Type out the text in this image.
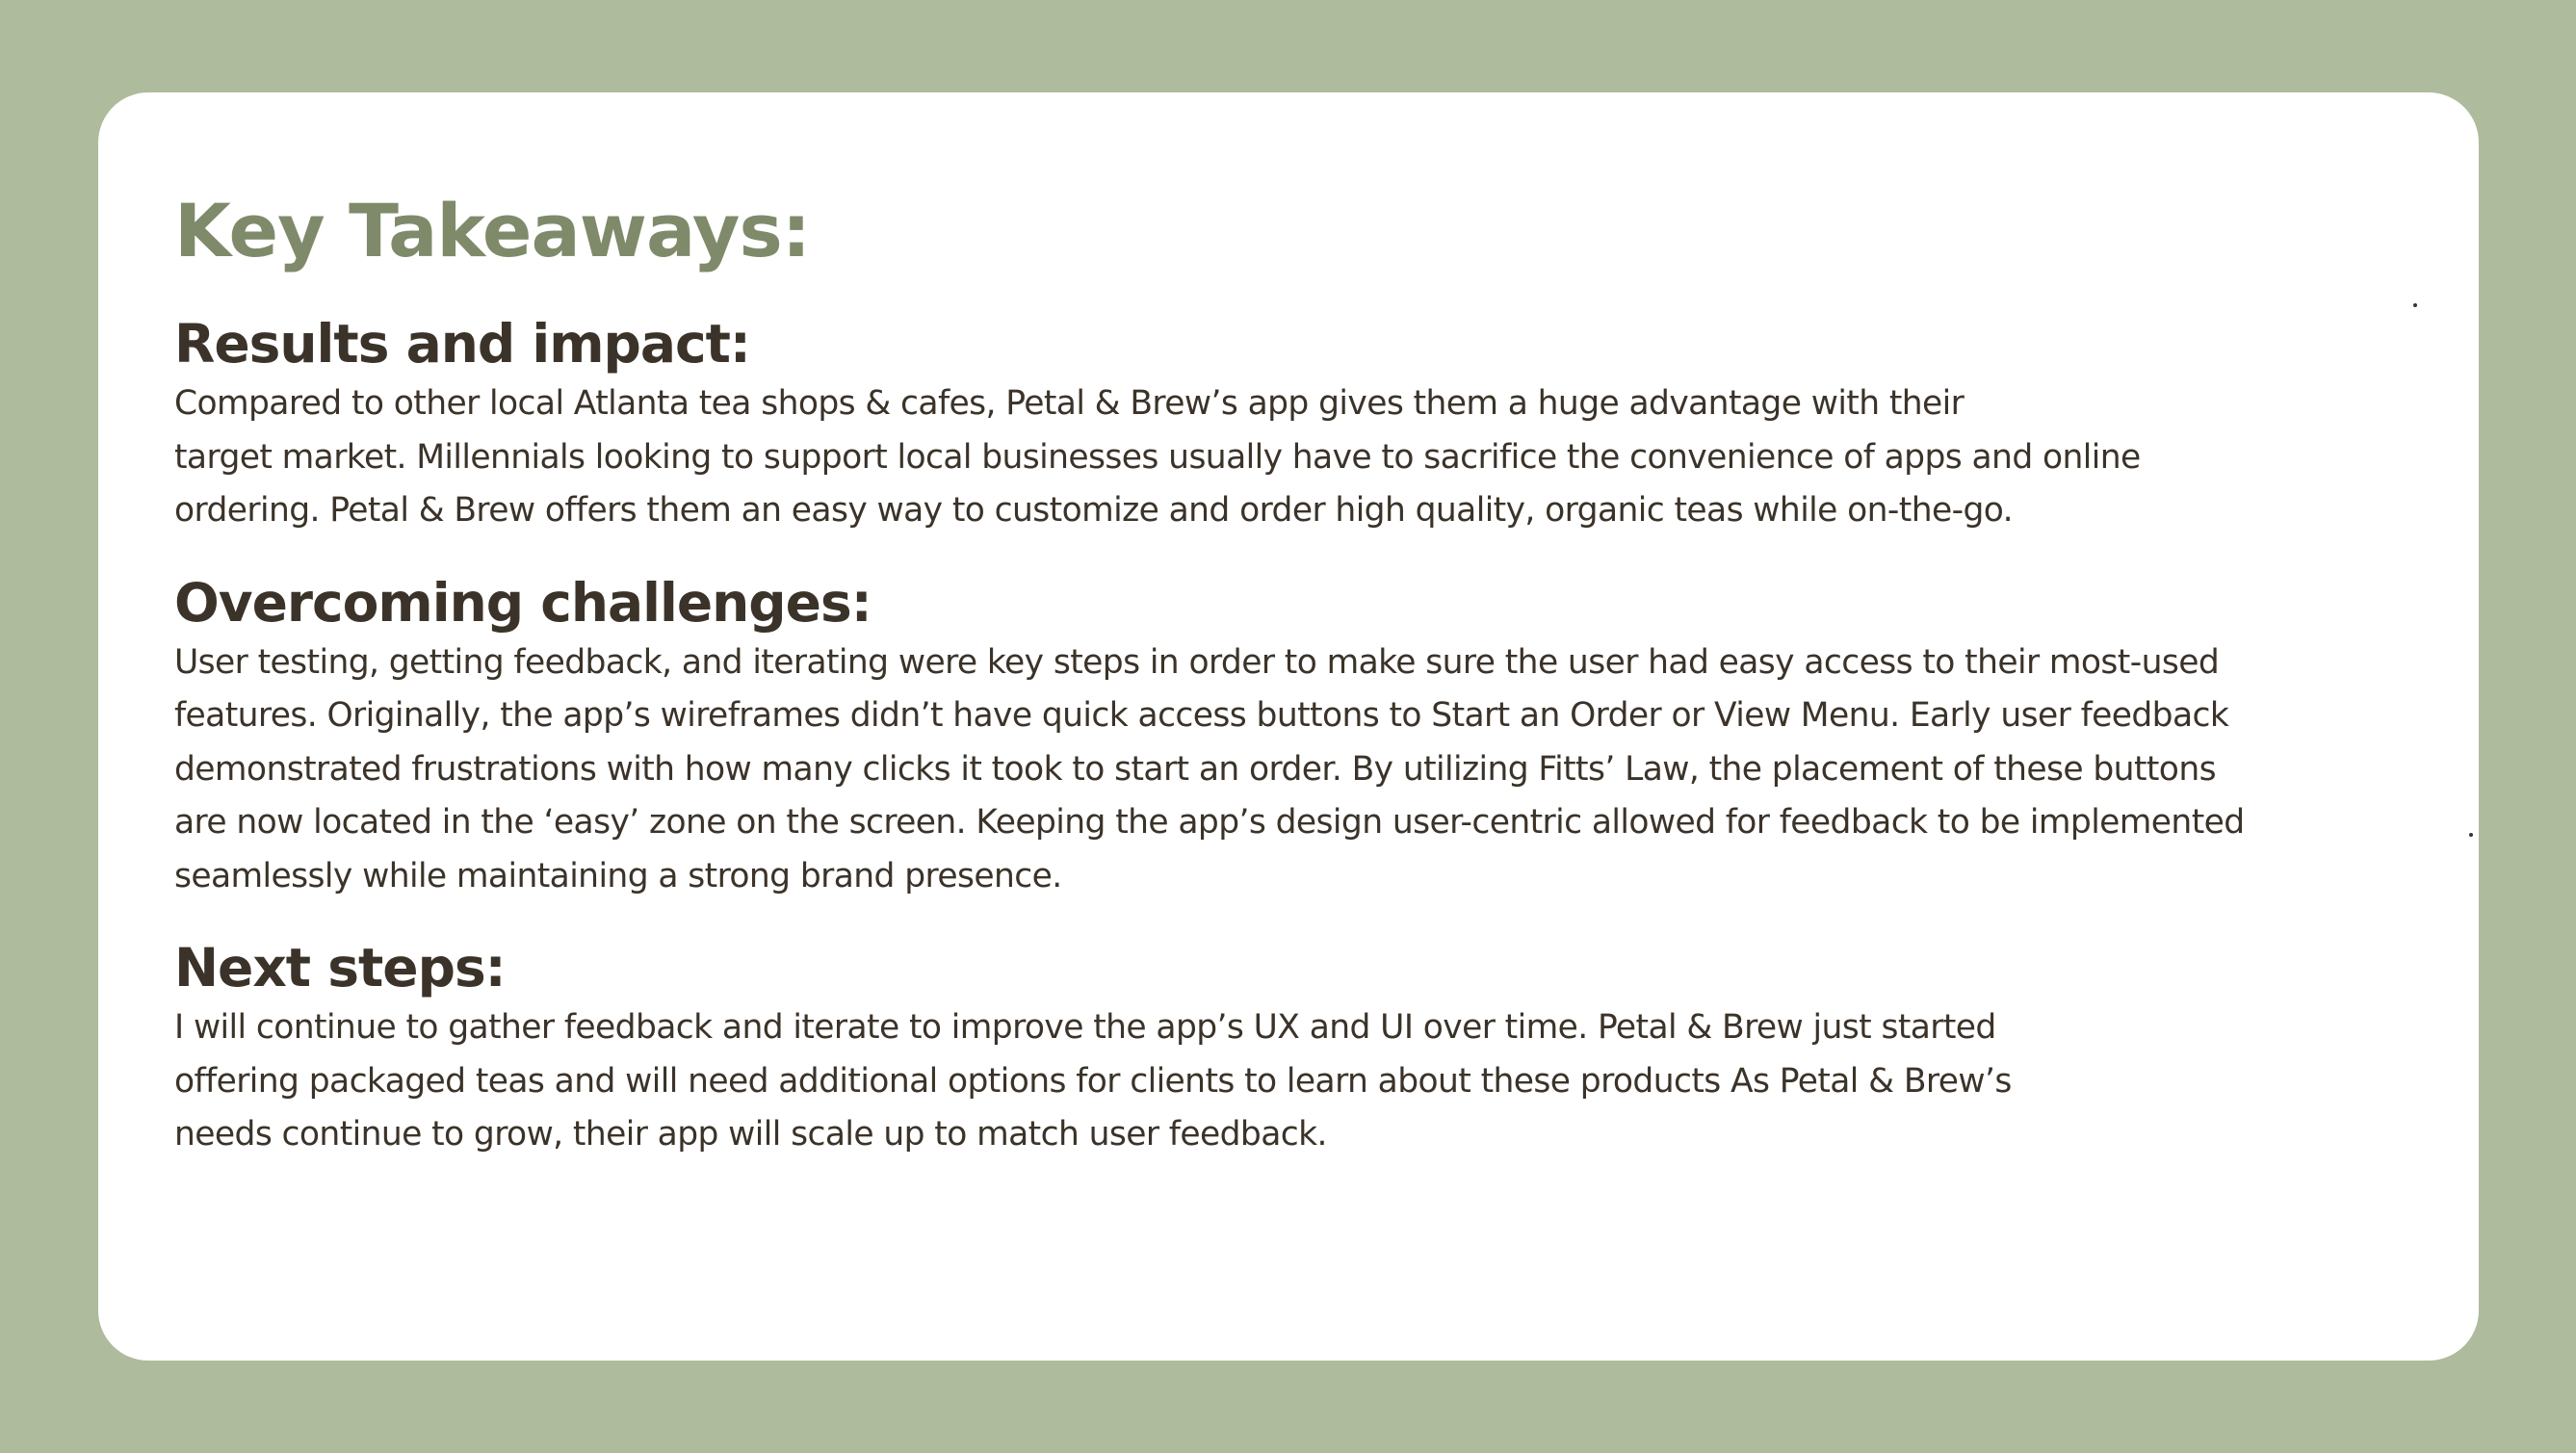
Key Takeaways:
Results and impact:

Compared to other local Atlanta tea shops & cafes, Petal & Brew’s app gives them a huge advantage with their
target market. Millennials looking to support local businesses usually have to sacrifice the convenience of apps and online
ordering. Petal & Brew offers them an easy way to customize and order high quality, organic teas while on-the-go.

Overcoming challenges:

User testing, getting feedback, and iterating were key steps in order to make sure the user had easy access to their most-used
features. Originally, the app’s wireframes didn’t have quick access buttons to Start an Order or View Menu. Early user feedback
demonstrated frustrations with how many clicks it took to start an order. By utilizing Fitts’ Law, the placement of these buttons
are now located in the ‘easy’ zone on the screen. Keeping the app’s design user-centric allowed for feedback to be implemented
seamlessly while maintaining a strong brand presence.

Next steps:

I will continue to gather feedback and iterate to improve the app’s UX and UI over time. Petal & Brew just started
offering packaged teas and will need additional options for clients to learn about these products As Petal & Brew’s
needs continue to grow, their app will scale up to match user feedback.
